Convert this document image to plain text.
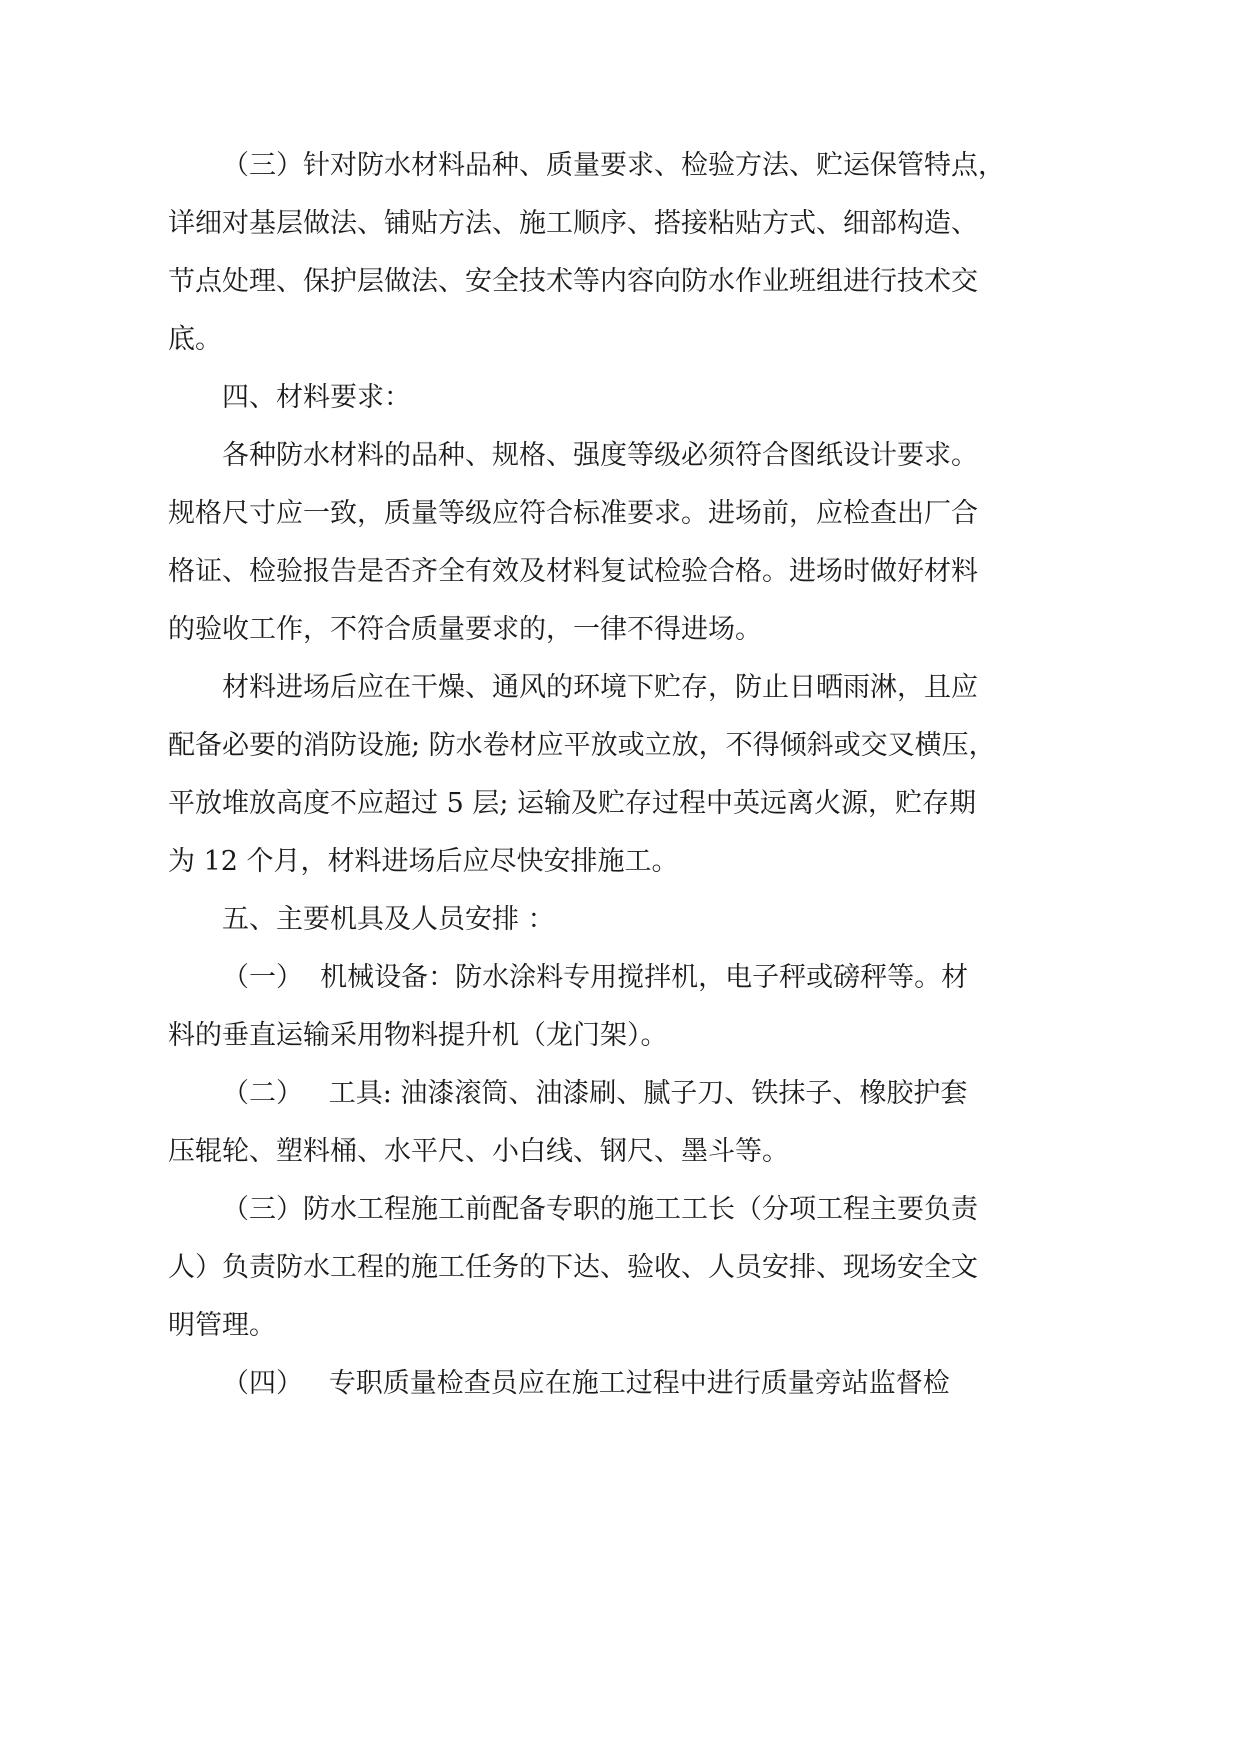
（三）针对防水材料品种、质量要求、检验方法、贮运保管特点，

详细对基层做法、铺贴方法、施工顺序、搭接粘贴方式、细部构造、

节点处理、保护层做法、安全技术等内容向防水作业班组进行技术交

底。

四、材料要求：

各种防水材料的品种、规格、强度等级必须符合图纸设计要求。

规格尺寸应一致，质量等级应符合标准要求。进场前，应检查出厂合

格证、检验报告是否齐全有效及材料复试检验合格。进场时做好材料

的验收工作，不符合质量要求的，一律不得进场。

材料进场后应在干燥、通风的环境下贮存，防止日晒雨淋，且应

配备必要的消防设施; 防水卷材应平放或立放，不得倾斜或交叉横压，

平放堆放高度不应超过 5 层; 运输及贮存过程中英远离火源，贮存期

为 12 个月，材料进场后应尽快安排施工。

五、主要机具及人员安排 ：

（一）  机械设备：防水涂料专用搅拌机，电子秤或磅秤等。材

料的垂直运输采用物料提升机（龙门架）。

（二）   工具: 油漆滚筒、油漆刷、腻子刀、铁抹子、橡胶护套

压辊轮、塑料桶、水平尺、小白线、钢尺、墨斗等。

（三）防水工程施工前配备专职的施工工长（分项工程主要负责

人）负责防水工程的施工任务的下达、验收、人员安排、现场安全文

明管理。

（四）   专职质量检查员应在施工过程中进行质量旁站监督检
